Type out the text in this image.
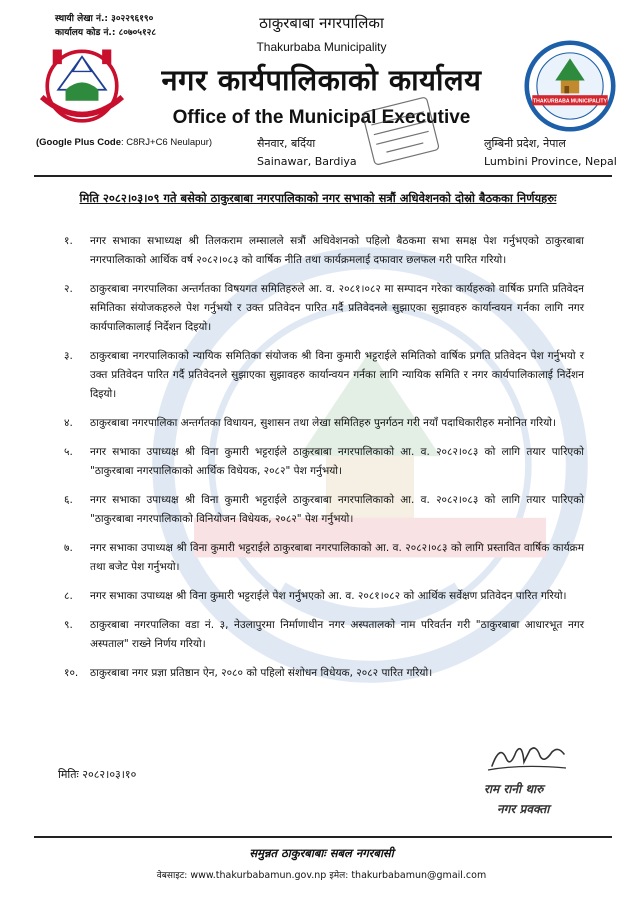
स्थायी लेखा नं.: ३०२२९६१९०
कार्यालय कोड नं.: ८०७०५१२८
ठाकुरबाबा नगरपालिका
Thakurbaba Municipality
नगर कार्यपालिकाको कार्यालय
Office of the Municipal Executive
THAKURBABA MUNICIPALITY
(Google Plus Code: C8RJ+C6 Neulapur)	सैनवार, बर्दिया
Sainawar, Bardiya
लुम्बिनी प्रदेश, नेपाल
Lumbini Province, Nepal
मिति २०८२।०३।०९ गते बसेको ठाकुरबाबा नगरपालिकाको नगर सभाको सत्रौं अधिवेशनको दोस्रो बैठकका निर्णयहरुः
१.	नगर सभाका सभाध्यक्ष श्री तिलकराम लम्सालले सत्रौं अधिवेशनको पहिलो बैठकमा सभा समक्ष पेश गर्नुभएको ठाकुरबाबा नगरपालिकाको आर्थिक वर्ष २०८२।०८३ को वार्षिक नीति तथा कार्यक्रमलाई दफावार छलफल गरी पारित गरियो।
२.	ठाकुरबाबा नगरपालिका अन्तर्गतका विषयगत समितिहरुले आ. व. २०८१।०८२ मा सम्पादन गरेका कार्यहरुको वार्षिक प्रगति प्रतिवेदन समितिका संयोजकहरुले पेश गर्नुभयो र उक्त प्रतिवेदन पारित गर्दै प्रतिवेदनले सुझाएका सुझावहरु कार्यान्वयन गर्नका लागि नगर कार्यपालिकालाई निर्देशन दिइयो।
३.	ठाकुरबाबा नगरपालिकाको न्यायिक समितिका संयोजक श्री विना कुमारी भट्टराईले समितिको वार्षिक प्रगति प्रतिवेदन पेश गर्नुभयो र उक्त प्रतिवेदन पारित गर्दै प्रतिवेदनले सुझाएका सुझावहरु कार्यान्वयन गर्नका लागि न्यायिक समिति र नगर कार्यपालिकालाई निर्देशन दिइयो।
४.	ठाकुरबाबा नगरपालिका अन्तर्गतका विधायन, सुशासन तथा लेखा समितिहरु पुनर्गठन गरी नयाँ पदाधिकारीहरु मनोनित गरियो।
५.	नगर सभाका उपाध्यक्ष श्री विना कुमारी भट्टराईले ठाकुरबाबा नगरपालिकाको आ. व. २०८२।०८३ को लागि तयार पारिएको "ठाकुरबाबा नगरपालिकाको आर्थिक विधेयक, २०८२" पेश गर्नुभयो।
६.	नगर सभाका उपाध्यक्ष श्री विना कुमारी भट्टराईले ठाकुरबाबा नगरपालिकाको आ. व. २०८२।०८३ को लागि तयार पारिएको "ठाकुरबाबा नगरपालिकाको विनियोजन विधेयक, २०८२" पेश गर्नुभयो।
७.	नगर सभाका उपाध्यक्ष श्री विना कुमारी भट्टराईले ठाकुरबाबा नगरपालिकाको आ. व. २०८२।०८३ को लागि प्रस्तावित वार्षिक कार्यक्रम तथा बजेट पेश गर्नुभयो।
८.	नगर सभाका उपाध्यक्ष श्री विना कुमारी भट्टराईले पेश गर्नुभएको आ. व. २०८१।०८२ को आर्थिक सर्वेक्षण प्रतिवेदन पारित गरियो।
९.	ठाकुरबाबा नगरपालिका वडा नं. ३, नेउलापुरमा निर्माणाधीन नगर अस्पतालको नाम परिवर्तन गरी "ठाकुरबाबा आधारभूत नगर अस्पताल" राख्ने निर्णय गरियो।
१०.	ठाकुरबाबा नगर प्रज्ञा प्रतिष्ठान ऐन, २०८० को पहिलो संशोधन विधेयक, २०८२ पारित गरियो।
मितिः २०८२।०३।१०
राम रानी थारु
नगर प्रवक्ता
समुन्नत ठाकुरबाबाः सबल नगरबासी
वेबसाइट: www.thakurbabamun.gov.np इमेल: thakurbabamun@gmail.com
